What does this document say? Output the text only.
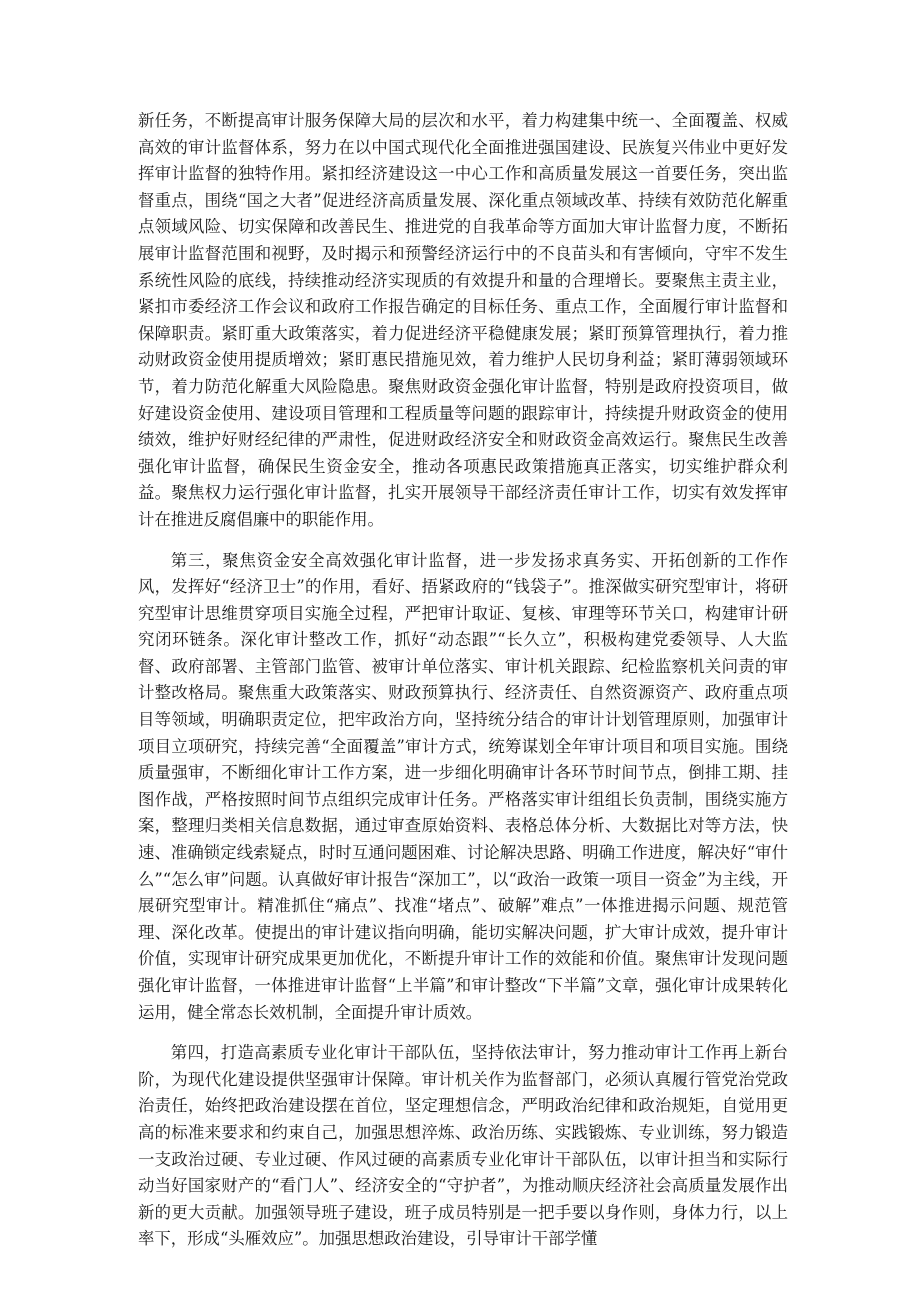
新任务，不断提高审计服务保障大局的层次和水平，着力构建集中统一、全面覆盖、权威高效的审计监督体系，努力在以中国式现代化全面推进强国建设、民族复兴伟业中更好发挥审计监督的独特作用。紧扣经济建设这一中心工作和高质量发展这一首要任务，突出监督重点，围绕“国之大者”促进经济高质量发展、深化重点领域改革、持续有效防范化解重点领域风险、切实保障和改善民生、推进党的自我革命等方面加大审计监督力度，不断拓展审计监督范围和视野，及时揭示和预警经济运行中的不良苗头和有害倾向，守牢不发生系统性风险的底线，持续推动经济实现质的有效提升和量的合理增长。要聚焦主责主业，紧扣市委经济工作会议和政府工作报告确定的目标任务、重点工作，全面履行审计监督和保障职责。紧盯重大政策落实，着力促进经济平稳健康发展；紧盯预算管理执行，着力推动财政资金使用提质增效；紧盯惠民措施见效，着力维护人民切身利益；紧盯薄弱领域环节，着力防范化解重大风险隐患。聚焦财政资金强化审计监督，特别是政府投资项目，做好建设资金使用、建设项目管理和工程质量等问题的跟踪审计，持续提升财政资金的使用绩效，维护好财经纪律的严肃性，促进财政经济安全和财政资金高效运行。聚焦民生改善强化审计监督，确保民生资金安全，推动各项惠民政策措施真正落实，切实维护群众利益。聚焦权力运行强化审计监督，扎实开展领导干部经济责任审计工作，切实有效发挥审计在推进反腐倡廉中的职能作用。

第三，聚焦资金安全高效强化审计监督，进一步发扬求真务实、开拓创新的工作作风，发挥好“经济卫士”的作用，看好、捂紧政府的“钱袋子”。推深做实研究型审计，将研究型审计思维贯穿项目实施全过程，严把审计取证、复核、审理等环节关口，构建审计研究闭环链条。深化审计整改工作，抓好“动态跟”“长久立”，积极构建党委领导、人大监督、政府部署、主管部门监管、被审计单位落实、审计机关跟踪、纪检监察机关问责的审计整改格局。聚焦重大政策落实、财政预算执行、经济责任、自然资源资产、政府重点项目等领域，明确职责定位，把牢政治方向，坚持统分结合的审计计划管理原则，加强审计项目立项研究，持续完善“全面覆盖”审计方式，统筹谋划全年审计项目和项目实施。围绕质量强审，不断细化审计工作方案，进一步细化明确审计各环节时间节点，倒排工期、挂图作战，严格按照时间节点组织完成审计任务。严格落实审计组组长负责制，围绕实施方案，整理归类相关信息数据，通过审查原始资料、表格总体分析、大数据比对等方法，快速、准确锁定线索疑点，时时互通问题困难、讨论解决思路、明确工作进度，解决好“审什么”“怎么审”问题。认真做好审计报告“深加工”，以“政治一政策一项目一资金”为主线，开展研究型审计。精准抓住“痛点”、找准“堵点”、破解”难点”一体推进揭示问题、规范管理、深化改革。使提出的审计建议指向明确，能切实解决问题，扩大审计成效，提升审计价值，实现审计研究成果更加优化，不断提升审计工作的效能和价值。聚焦审计发现问题强化审计监督，一体推进审计监督“上半篇”和审计整改“下半篇”文章，强化审计成果转化运用，健全常态长效机制，全面提升审计质效。

第四，打造高素质专业化审计干部队伍，坚持依法审计，努力推动审计工作再上新台阶，为现代化建设提供坚强审计保障。审计机关作为监督部门，必须认真履行管党治党政治责任，始终把政治建设摆在首位，坚定理想信念，严明政治纪律和政治规矩，自觉用更高的标准来要求和约束自己，加强思想淬炼、政治历练、实践锻炼、专业训练，努力锻造一支政治过硬、专业过硬、作风过硬的高素质专业化审计干部队伍，以审计担当和实际行动当好国家财产的“看门人”、经济安全的“守护者”，为推动顺庆经济社会高质量发展作出新的更大贡献。加强领导班子建设，班子成员特别是一把手要以身作则，身体力行，以上率下，形成“头雁效应”。加强思想政治建设，引导审计干部学懂
